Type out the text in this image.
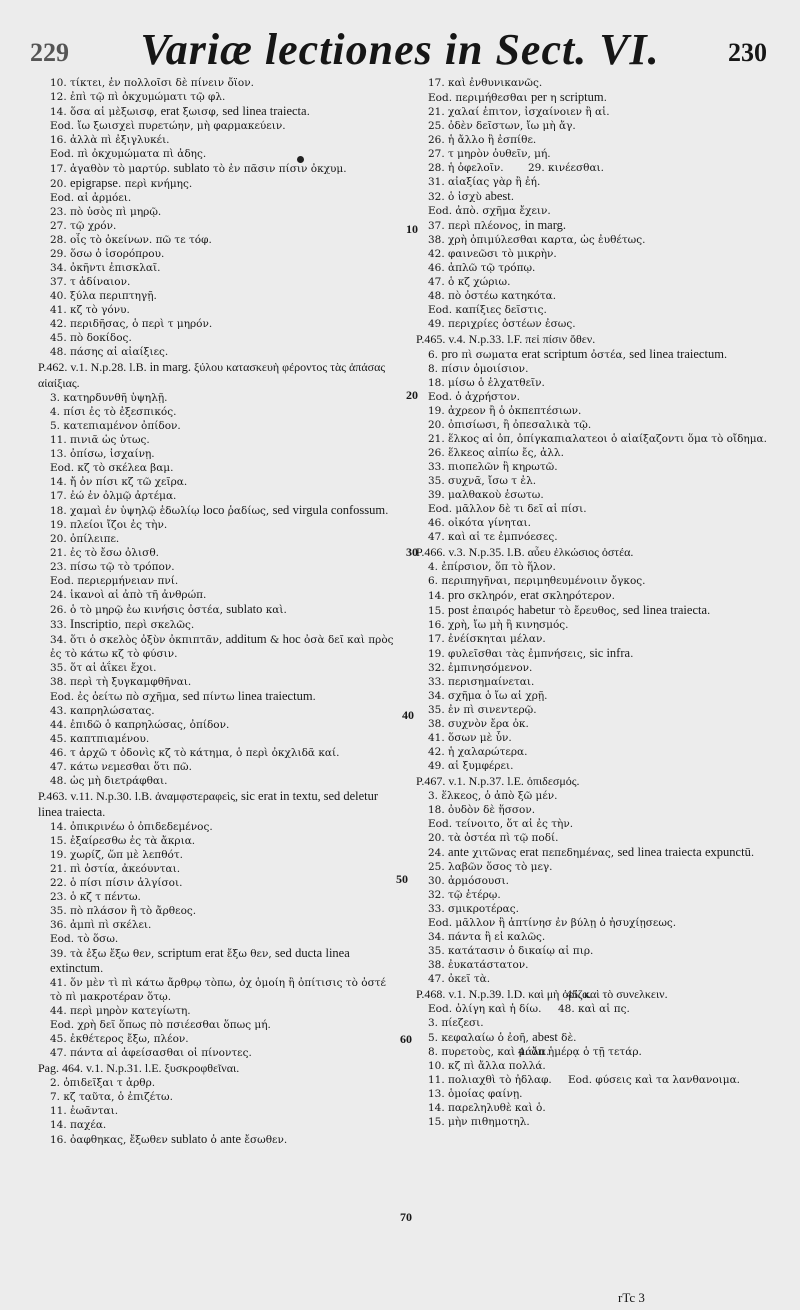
229	Variæ lectiones in Sect. VI.	230
10. τίκτει, ἐν πολλοῖσι δὲ πίνειν ὄϊον.
12. ἐπὶ τῷ πὶ ὀκχυμώματι τῷ φλ.
14. ὅσα αἱ μὲξωισφ, erat ξωισφ, sed linea traiecta.
Eod. ἴω ξωισχεὶ πυρετώην, μὴ φαρμακεύειν.
16. ἀλλὰ πὶ ἐξιγλυκέι.
Eod. πὶ ὀκχυμώματα πὶ ἀδης.
17. ἀγαθὸν τὸ μαρτύρ. sublato τὸ ἐν πᾶσιν πίσιν ὀκχυμ.
20. epigrapse. περὶ κνήμης.
Eod. αἱ ἀρμόει.
23. πὸ ὑσὸς πὶ μηρῷ.
27. τῷ χρόν.
28. οἷς τὸ ὀκείνων. πῶ τε τόφ.
29. ὅσω ὁ ἰσορόπρου.
34. ὀκῆντι ἐπισκλαῖ.
37. τ ἀδίναιον.
40. ξύλα περιπτηγῇ.
41. κζ τὸ γόνυ.
42. περιδῆσας, ὁ περὶ τ μηρόν.
45. πὸ δοκίδος.
48. πάσης αἱ αἰαίξιες.
P.462. v.1. N.p.28. l.B. in marg. ξύλου κατασκευὴ φέροντος τὰς ἀπάσας αἰαίξιας.
3. κατηρδυνθῆ ὑψηλῇ.
4. πίσι ἐς τὸ ἐξεσπικός.
5. κατεπιαμένον ὀπίδον.
11. πινιᾶ ὡς ὑτως.
13. ὀπίσω, ἰσχαίνῃ.
Eod. κζ τὸ σκέλεα βαμ.
14. ἤ ὀν πίσι κζ τῶ χεῖρα.
17. ἐώ ἐν ὀλμῷ ἀρτέμα.
18. χαμαὶ ἐν ὑψηλῷ ἑδωλίῳ loco ῥαδίως, sed virgula confossum.
19. πλείοι ἴζοι ἐς τὴν.
20. ὀπίλειπε.
21. ἐς τὸ ἔσω ὀλισθ.
23. πίσω τῷ τὸ τρόπον.
Eod. περιερμήνειαν πνί.
24. ἱκανοὶ αἱ ἀπὸ τῆ ἀνθρώπ.
26. ὁ τὸ μηρῷ ἐω κινήσις ὀστέα, sublato καὶ.
33. Inscriptio, περὶ σκελῶς.
34. ὅτι ὁ σκελὸς ὀξὺν ὀκπιπτᾶν, additum & hoc ὀσὰ δεῖ καὶ πρὸς ἐς τὸ κάτω κζ τὸ φύσιν.
35. ὅτ αἱ ἀΐκει ἔχοι.
38. περὶ τὴ ξυγκαμφθῆναι.
Eod. ἐς ὀείτω πὸ σχῆμα, sed πίντω linea traiectum.
43. καπρηλώσατας.
44. ἐπιδῶ ὁ καπρηλώσας, ὀπίδον.
45. καπτπιαμένου.
46. τ ἀρχῶ τ ὀδονὶς κζ τὸ κάτημα, ὁ περὶ ὀκχλιδᾶ καί.
47. κάτω νεμεσθαι ὅτι πῶ.
48. ὡς μὴ διετράφθαι.
P.463. v.11. N.p.30. l.B. ἀναμφστεραφεὶς, sic erat in textu, sed deletur linea traiecta.
14. ὀπικρινέω ὁ ὀπιδεδεμένος.
15. ἐξαίρεσθω ἐς τὰ ἄκρια.
19. χωρίζ, ὥπ μὲ λεπθότ.
21. πὶ ὀστία, ἀκεόυνται.
22. ὁ πίσι πίσιν ἀλγίσοι.
23. ὁ κζ τ πέντω.
35. πὸ πλάσον ἢ τὸ ἄρθεος.
36. ἀμπὶ πὶ σκέλει.
Eod. τὸ ὅσω.
39. τὰ ἐξω ἔξω θεν, scriptum erat ἔξω θεν, sed ducta linea extinctum.
41. ὅν μὲν τὶ πὶ κάτω ἄρθρῳ τὸπω, ὀχ ὁμοίη ἢ ὀπίτισις τὸ ὀστέ τὸ πὶ μακροτέραν ὅτῳ.
44. περὶ μηρὸν κατεγίωτη.
Eod. χρὴ δεῖ ὅπως πὸ πσιέεσθαι ὅπως μή.
45. ἐκθέτερος ἔξω, πλέον.
47. πάντα αἱ ἀφείσασθαι οἱ πίνοντες.
Pag. 464. v.1. N.p.31. l.E. ξυσκροφθεῖναι.
2. ὀπιδεῖξαι τ ἀρθρ.
7. κζ ταῦτα, ὁ ἐπιζέτω.
11. ἐωᾶνται.
14. παχέα.
16. ὀαφθηκας, ἔξωθεν sublato ὁ ante ἔσωθεν.
17. καὶ ἐνθυνικανῶς.
Eod. περιμήθεσθαι per η scriptum.
21. χαλαί ἐπιτον, ἰσχαίνοιεν ἢ αἱ.
25. ὀδὲν δεῖστων, ἴω μὴ ἄγ.
26. ἡ ἄλλο ἢ ἐσπίθε.
27. τ μηρὸν ὀυθεῖν, μή.
28. ἡ ὀφελοῖν. 29. κινέεσθαι.
31. αἰαξίας γὰρ ἢ ἐή.
32. ὁ ἰσχὺ abest.
Eod. ἀπὸ. σχῆμα ἔχειν.
37. περὶ πλέονος, in marg.
38. χρὴ ὀπιμύλεσθαι καρτα, ὡς ἐυθέτως.
42. φαινεῶσι τὸ μικρὴν.
46. ἀπλῶ τῷ τρόπῳ.
47. ὁ κζ χώριω.
48. πὸ ὀστέω κατηκότα.
Eod. καπίξιες δεῖστις.
49. περιχρίες ὀστέων ἐσως.
P.465. v.4. N.p.33. l.F. πεἰ πίσιν ὅθεν.
6. pro πὶ σωματα erat scriptum ὀστέα, sed linea traiectum.
8. πίσιν ὀμοιίσιον.
18. μίσω ὁ ἐλχατθεῖν.
Eod. ὁ ἀχρήστον.
19. ἀχρεον ἢ ὁ ὀκπεπτέσιων.
20. ὀπισίωσι, ἢ ὀπεσαλικὰ τῷ.
21. ἕλκος αἱ ὀπ, ὀπίγκαπιαλατεοι ὁ αἰαίξαζοντι ὅμα τὸ οἴδημα.
26. ἕλκεος αἰπίω ἔς, ἀλλ.
33. πιοπελῶν ἢ κηρωτῶ.
35. συχνᾶ, ἴσω τ ἐλ.
39. μαλθακοὺ ἐσωτω.
Eod. μᾶλλον δὲ τι δεῖ αἱ πίσι.
46. οἰκότα γίνηται.
47. καὶ αἱ τε ἐμπνόεσες.
P.466. v.3. N.p.35. l.B. αὖευ ἑλκώσιος ὀστέα.
4. ἐπίρσιον, ὅπ τὸ ἥλον.
6. περιπηγῆναι, περιμηθευμένοιιν ὄγκος.
14. pro σκληρόν, erat σκληρότερον.
15. post ἐπαιρός habetur τὸ ἔρευθος, sed linea traiecta.
16. χρὴ, ἴω μὴ ἢ κινησμός.
17. ἐνέίσκηται μέλαν.
19. φυλεῖσθαι τὰς ἐμπνήσεις, sic infra.
32. ἐμπινησόμενον.
33. περισημαίνεται.
34. σχῆμα ὁ ἴω αἱ χρῇ.
35. ἐν πὶ σινεντερῷ.
38. συχνὸν ἔρα ὀκ.
41. ὅσων μὲ ὗν.
42. ἡ χαλαρώτερα.
49. αἱ ξυμφέρει.
P.467. v.1. N.p.37. l.E. ὀπιδεσμός.
3. ἕλκεος, ὁ ἀπὸ ξῶ μέν.
18. ὀυδὸν δὲ ἥσσον.
Eod. τείνοιτο, ὅτ αἱ ἐς τὴν.
20. τὰ ὀστέα πὶ τῷ ποδί.
24. ante χιτῶνας erat πεπεδημένας, sed linea traiecta expunctū.
25. λαβῶν ὅσος τὸ μεγ.
30. ἁρμόσουσι.
32. τῷ ἑτέρῳ.
33. σμικροτέρας.
Eod. μᾶλλον ἢ ἀπτίνησ ἐν βύλῃ ὁ ἠσυχίῃσεως.
34. πάντα ἢ εἰ καλῶς.
35. κατάτασιν ὁ δικαίῳ αἱ πιρ.
38. ἐυκατάστατον.
47. ὀκεῖ τὰ.
P.468. v.1. N.p.39. l.D. καὶ μὴ ὀρίζα.
45. καὶ τὸ συνελκειν.
Eod. ὀλίγη καὶ ἡ δίω. 48. καὶ αἱ πς.
3. πίεζεσι.
5. κεφαλαίω ὁ ἐοῆ, abest δὲ.
8. πυρετοὺς, καὶ μάλα.
4. ὅπ ἡμέρᾳ ὁ τῇ τετάρ.
10. κζ πὶ ἄλλα πολλά.
11. πολιαχθὶ τὸ ἠδλαφ. Eod. φύσεις καὶ τα λανθανοιμα.
13. ὁμοίας φαίνῃ.
14. παρεληλυθὲ καὶ ὁ.
15. μὴν πιθημοτηλ.
10
20
30
40
50
60
70
rTc 3
